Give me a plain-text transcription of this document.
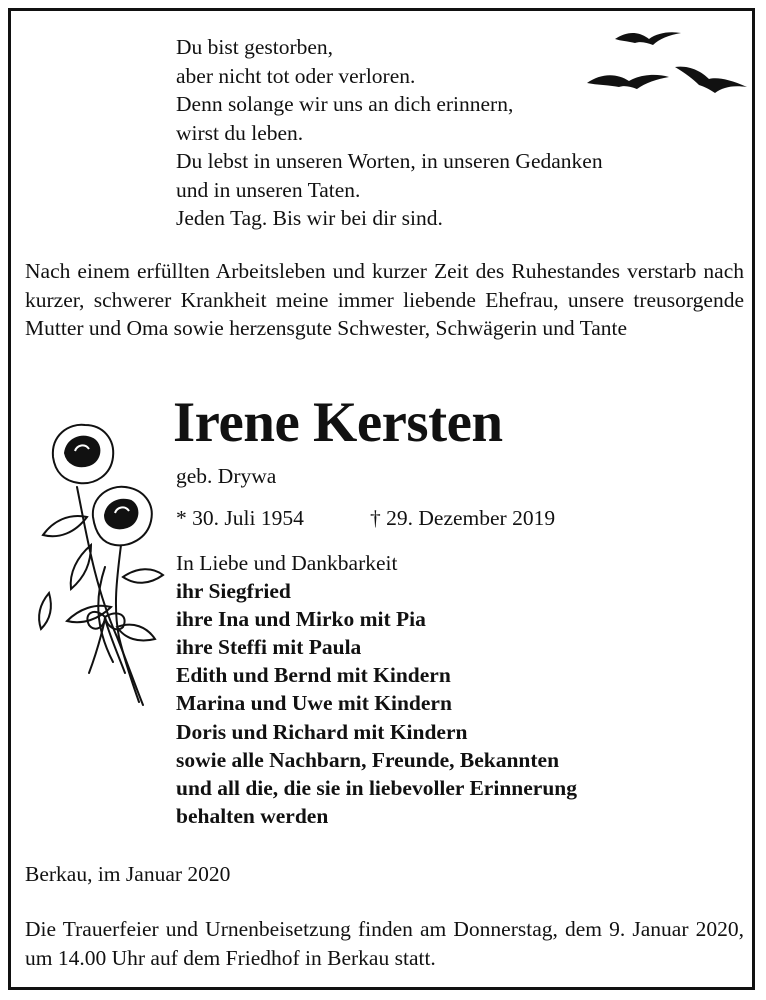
Du bist gestorben,
aber nicht tot oder verloren.
Denn solange wir uns an dich erinnern,
wirst du leben.
Du lebst in unseren Worten, in unseren Gedanken
und in unseren Taten.
Jeden Tag. Bis wir bei dir sind.
Nach einem erfüllten Arbeitsleben und kurzer Zeit des Ruhestandes verstarb nach kurzer, schwerer Krankheit meine immer liebende Ehefrau, unsere treusorgende Mutter und Oma sowie herzensgute Schwester, Schwägerin und Tante
Irene Kersten
geb. Drywa
* 30. Juli 1954	† 29. Dezember 2019
In Liebe und Dankbarkeit
ihr Siegfried
ihre Ina und Mirko mit Pia
ihre Steffi mit Paula
Edith und Bernd mit Kindern
Marina und Uwe mit Kindern
Doris und Richard mit Kindern
sowie alle Nachbarn, Freunde, Bekannten
und all die, die sie in liebevoller Erinnerung
behalten werden
Berkau, im Januar 2020
Die Trauerfeier und Urnenbeisetzung finden am Donnerstag, dem 9. Januar 2020, um 14.00 Uhr auf dem Friedhof in Berkau statt.
